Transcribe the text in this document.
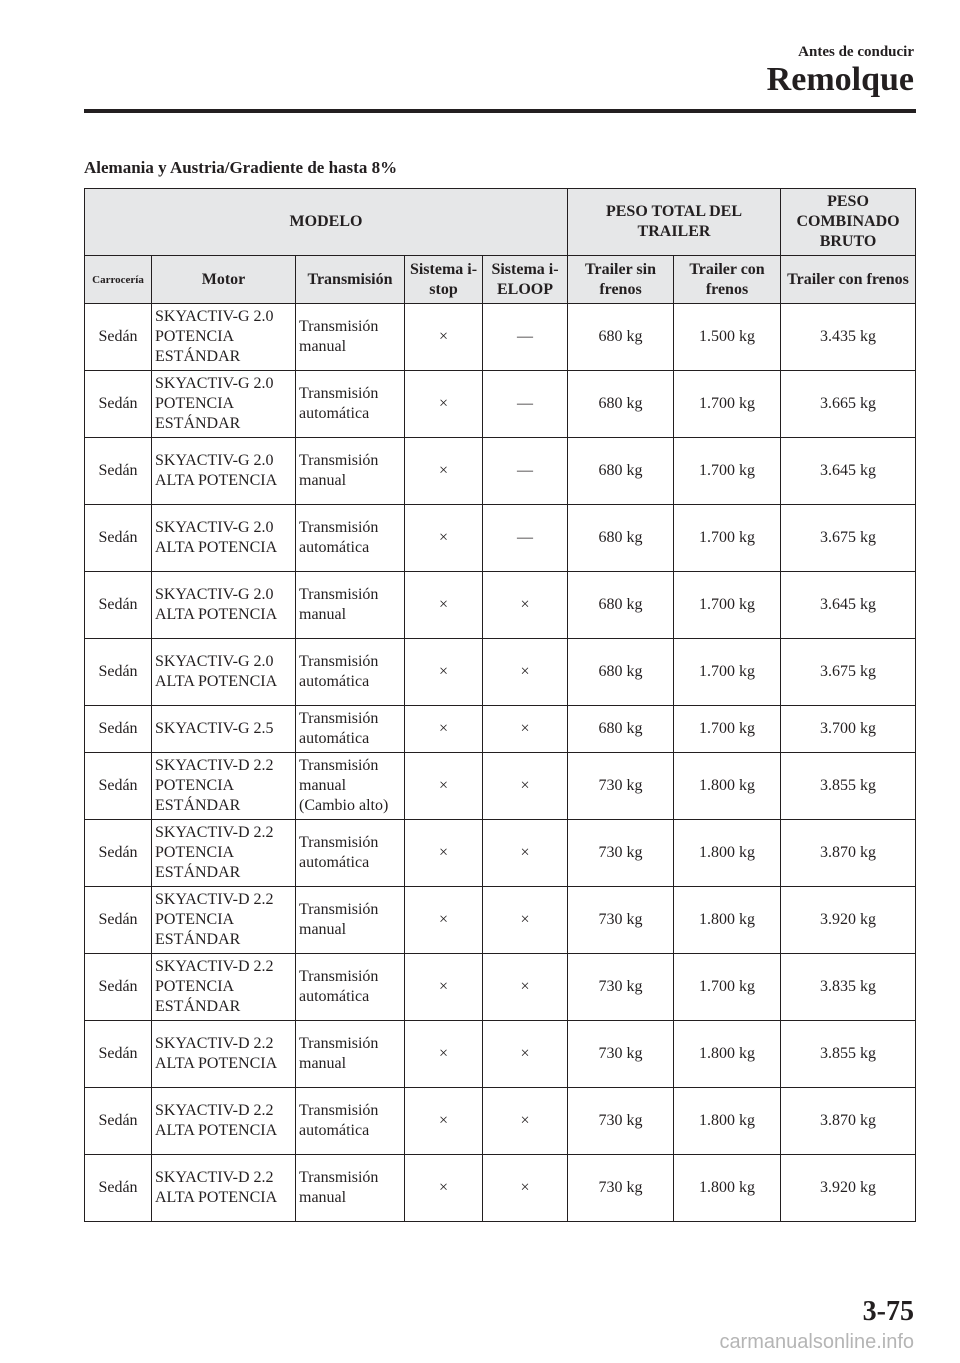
Antes de conducir
Remolque
Alemania y Austria/Gradiente de hasta 8%
MODELO					PESO TOTAL DEL TRAILER		PESO COMBINADO BRUTO
Carrocería	Motor	Transmisión	Sistema i-stop	Sistema i-ELOOP	Trailer sin frenos	Trailer con frenos	Trailer con frenos
Sedán	SKYACTIV-G 2.0 POTENCIA ESTÁNDAR	Transmisión manual	×	—	680 kg	1.500 kg	3.435 kg
Sedán	SKYACTIV-G 2.0 POTENCIA ESTÁNDAR	Transmisión automática	×	—	680 kg	1.700 kg	3.665 kg
Sedán	SKYACTIV-G 2.0 ALTA POTENCIA	Transmisión manual	×	—	680 kg	1.700 kg	3.645 kg
Sedán	SKYACTIV-G 2.0 ALTA POTENCIA	Transmisión automática	×	—	680 kg	1.700 kg	3.675 kg
Sedán	SKYACTIV-G 2.0 ALTA POTENCIA	Transmisión manual	×	×	680 kg	1.700 kg	3.645 kg
Sedán	SKYACTIV-G 2.0 ALTA POTENCIA	Transmisión automática	×	×	680 kg	1.700 kg	3.675 kg
Sedán	SKYACTIV-G 2.5	Transmisión automática	×	×	680 kg	1.700 kg	3.700 kg
Sedán	SKYACTIV-D 2.2 POTENCIA ESTÁNDAR	Transmisión manual (Cambio alto)	×	×	730 kg	1.800 kg	3.855 kg
Sedán	SKYACTIV-D 2.2 POTENCIA ESTÁNDAR	Transmisión automática	×	×	730 kg	1.800 kg	3.870 kg
Sedán	SKYACTIV-D 2.2 POTENCIA ESTÁNDAR	Transmisión manual	×	×	730 kg	1.800 kg	3.920 kg
Sedán	SKYACTIV-D 2.2 POTENCIA ESTÁNDAR	Transmisión automática	×	×	730 kg	1.700 kg	3.835 kg
Sedán	SKYACTIV-D 2.2 ALTA POTENCIA	Transmisión manual	×	×	730 kg	1.800 kg	3.855 kg
Sedán	SKYACTIV-D 2.2 ALTA POTENCIA	Transmisión automática	×	×	730 kg	1.800 kg	3.870 kg
Sedán	SKYACTIV-D 2.2 ALTA POTENCIA	Transmisión manual	×	×	730 kg	1.800 kg	3.920 kg
3-75
carmanualsonline.info
